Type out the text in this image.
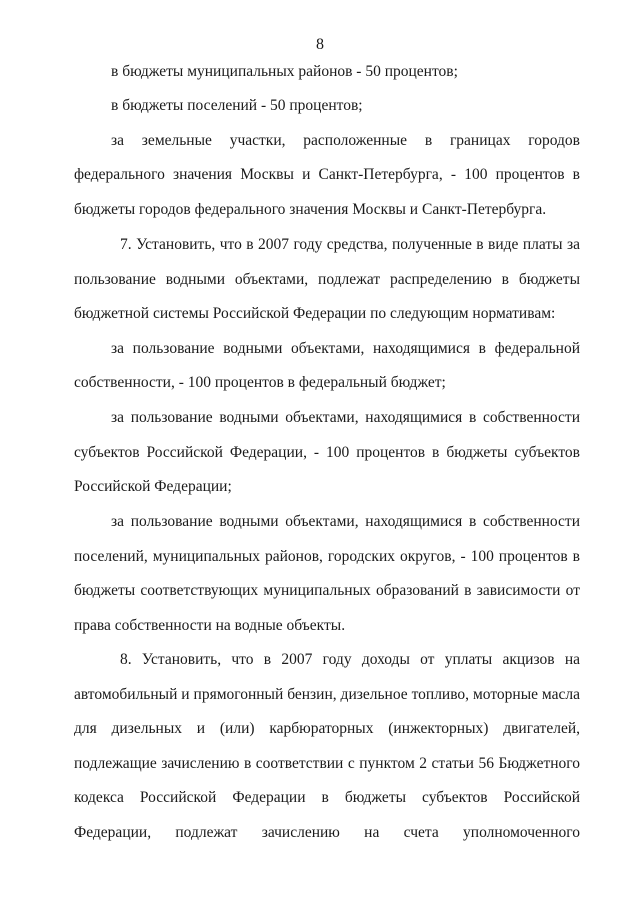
8
в бюджеты муниципальных районов - 50 процентов;
в бюджеты поселений - 50 процентов;
за земельные участки, расположенные в границах городов
федерального значения Москвы и Санкт-Петербурга, - 100 процентов в
бюджеты городов федерального значения Москвы и Санкт-Петербурга.
7. Установить, что в 2007 году средства, полученные в виде платы за
пользование водными объектами, подлежат распределению в бюджеты
бюджетной системы Российской Федерации по следующим нормативам:
за пользование водными объектами, находящимися в федеральной
собственности, - 100 процентов в федеральный бюджет;
за пользование водными объектами, находящимися в собственности
субъектов Российской Федерации, - 100 процентов в бюджеты субъектов
Российской Федерации;
за пользование водными объектами, находящимися в собственности
поселений, муниципальных районов, городских округов, - 100 процентов в
бюджеты соответствующих муниципальных образований в зависимости от
права собственности на водные объекты.
8. Установить, что в 2007 году доходы от уплаты акцизов на
автомобильный и прямогонный бензин, дизельное топливо, моторные масла
для дизельных и (или) карбюраторных (инжекторных) двигателей,
подлежащие зачислению в соответствии с пунктом 2 статьи 56 Бюджетного
кодекса Российской Федерации в бюджеты субъектов Российской
Федерации, подлежат зачислению на счета уполномоченного
